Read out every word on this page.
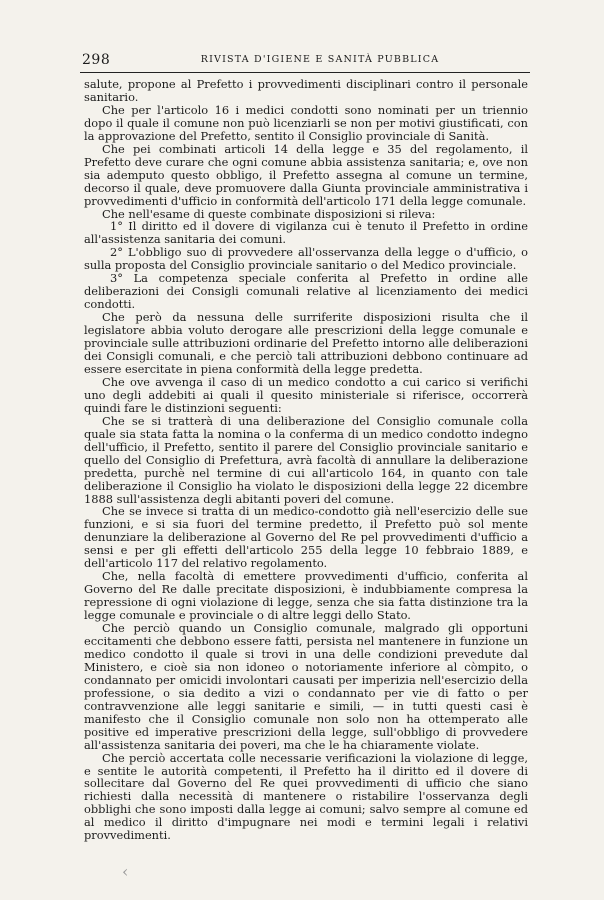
298	RIVISTA D'IGIENE E SANITÀ PUBBLICA

salute, propone al Prefetto i provvedimenti disciplinari contro il personale sanitario.

Che per l'articolo 16 i medici condotti sono nominati per un triennio dopo il quale il comune non può licenziarli se non per motivi giustificati, con la approvazione del Prefetto, sentito il Consiglio provinciale di Sanità.

Che pei combinati articoli 14 della legge e 35 del regolamento, il Prefetto deve curare che ogni comune abbia assistenza sanitaria; e, ove non sia ademputo questo obbligo, il Prefetto assegna al comune un termine, decorso il quale, deve promuovere dalla Giunta provinciale amministrativa i provvedimenti d'ufficio in conformità dell'articolo 171 della legge comunale.

Che nell'esame di queste combinate disposizioni si rileva:

1° Il diritto ed il dovere di vigilanza cui è tenuto il Prefetto in ordine all'assistenza sanitaria dei comuni.

2° L'obbligo suo di provvedere all'osservanza della legge o d'ufficio, o sulla proposta del Consiglio provinciale sanitario o del Medico provinciale.

3° La competenza speciale conferita al Prefetto in ordine alle deliberazioni dei Consigli comunali relative al licenziamento dei medici condotti.

Che però da nessuna delle surriferite disposizioni risulta che il legislatore abbia voluto derogare alle prescrizioni della legge comunale e provinciale sulle attribuzioni ordinarie del Prefetto intorno alle deliberazioni dei Consigli comunali, e che perciò tali attribuzioni debbono continuare ad essere esercitate in piena conformità della legge predetta.

Che ove avvenga il caso di un medico condotto a cui carico si verifichi uno degli addebiti ai quali il quesito ministeriale si riferisce, occorrerà quindi fare le distinzioni seguenti:

Che se si tratterà di una deliberazione del Consiglio comunale colla quale sia stata fatta la nomina o la conferma di un medico condotto indegno dell'ufficio, il Prefetto, sentito il parere del Consiglio provinciale sanitario e quello del Consiglio di Prefettura, avrà facoltà di annullare la deliberazione predetta, purchè nel termine di cui all'articolo 164, in quanto con tale deliberazione il Consiglio ha violato le disposizioni della legge 22 dicembre 1888 sull'assistenza degli abitanti poveri del comune.

Che se invece si tratta di un medico-condotto già nell'esercizio delle sue funzioni, e si sia fuori del termine predetto, il Prefetto può sol mente denunziare la deliberazione al Governo del Re pel provvedimenti d'ufficio a sensi e per gli effetti dell'articolo 255 della legge 10 febbraio 1889, e dell'articolo 117 del relativo regolamento.

Che, nella facoltà di emettere provvedimenti d'ufficio, conferita al Governo del Re dalle precitate disposizioni, è indubbiamente compresa la repressione di ogni violazione di legge, senza che sia fatta distinzione tra la legge comunale e provinciale o di altre leggi dello Stato.

Che perciò quando un Consiglio comunale, malgrado gli opportuni eccitamenti che debbono essere fatti, persista nel mantenere in funzione un medico condotto il quale si trovi in una delle condizioni prevedute dal Ministero, e cioè sia non idoneo o notoriamente inferiore al còmpito, o condannato per omicidi involontari causati per imperizia nell'esercizio della professione, o sia dedito a vizi o condannato per vie di fatto o per contravvenzione alle leggi sanitarie e simili, — in tutti questi casi è manifesto che il Consiglio comunale non solo non ha ottemperato alle positive ed imperative prescrizioni della legge, sull'obbligo di provvedere all'assistenza sanitaria dei poveri, ma che le ha chiaramente violate.

Che perciò accertata colle necessarie verificazioni la violazione di legge, e sentite le autorità competenti, il Prefetto ha il diritto ed il dovere di sollecitare dal Governo del Re quei provvedimenti di ufficio che siano richiesti dalla necessità di mantenere o ristabilire l'osservanza degli obblighi che sono imposti dalla legge ai comuni; salvo sempre al comune ed al medico il diritto d'impugnare nei modi e termini legali i relativi provvedimenti.

‹
